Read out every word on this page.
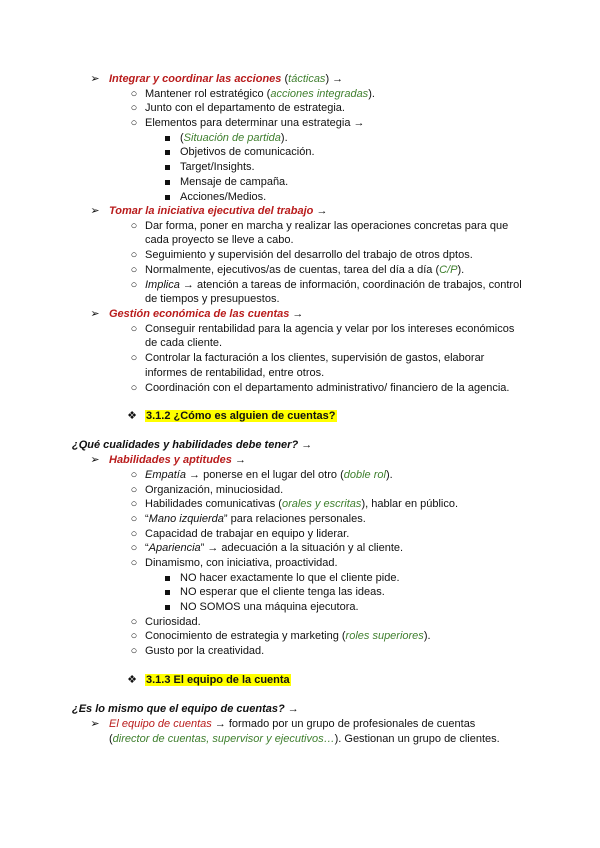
➢ Integrar y coordinar las acciones (tácticas) →
○ Mantener rol estratégico (acciones integradas).
○ Junto con el departamento de estrategia.
○ Elementos para determinar una estrategia →
(Situación de partida).
Objetivos de comunicación.
Target/Insights.
Mensaje de campaña.
Acciones/Medios.
➢ Tomar la iniciativa ejecutiva del trabajo →
○ Dar forma, poner en marcha y realizar las operaciones concretas para que
cada proyecto se lleve a cabo.
○ Seguimiento y supervisión del desarrollo del trabajo de otros dptos.
○ Normalmente, ejecutivos/as de cuentas, tarea del día a día (C/P).
○ Implica → atención a tareas de información, coordinación de trabajos, control
de tiempos y presupuestos.
➢ Gestión económica de las cuentas →
○ Conseguir rentabilidad para la agencia y velar por los intereses económicos
de cada cliente.
○ Controlar la facturación a los clientes, supervisión de gastos, elaborar
informes de rentabilidad, entre otros.
○ Coordinación con el departamento administrativo/ financiero de la agencia.
❖ 3.1.2 ¿Cómo es alguien de cuentas?
¿Qué cualidades y habilidades debe tener? →
➢ Habilidades y aptitudes →
○ Empatía → ponerse en el lugar del otro (doble rol).
○ Organización, minuciosidad.
○ Habilidades comunicativas (orales y escritas), hablar en público.
○ “Mano izquierda” para relaciones personales.
○ Capacidad de trabajar en equipo y liderar.
○ “Apariencia” → adecuación a la situación y al cliente.
○ Dinamismo, con iniciativa, proactividad.
NO hacer exactamente lo que el cliente pide.
NO esperar que el cliente tenga las ideas.
NO SOMOS una máquina ejecutora.
○ Curiosidad.
○ Conocimiento de estrategia y marketing (roles superiores).
○ Gusto por la creatividad.
❖ 3.1.3 El equipo de la cuenta
¿Es lo mismo que el equipo de cuentas? →
➢ El equipo de cuentas → formado por un grupo de profesionales de cuentas
(director de cuentas, supervisor y ejecutivos…). Gestionan un grupo de clientes.
